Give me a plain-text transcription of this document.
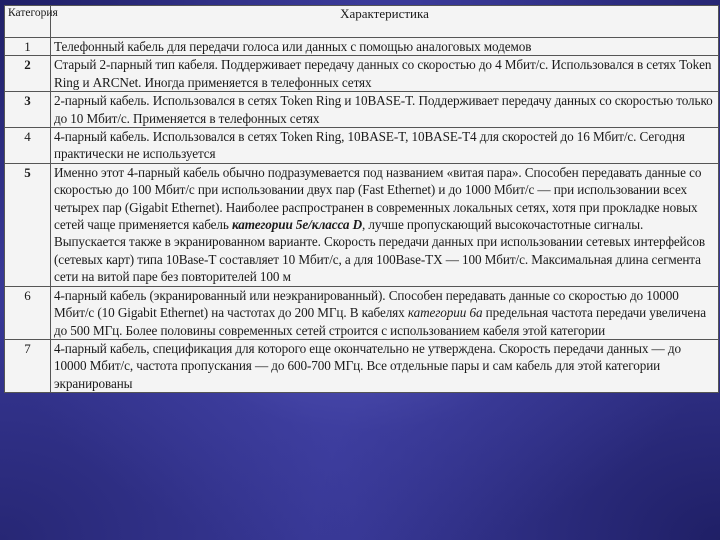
Категория	Характеристика
1	Телефонный кабель для передачи голоса или данных с помощью аналоговых модемов
2	Старый 2-парный тип кабеля. Поддерживает передачу данных со скоростью до 4 Мбит/с. Использовался в сетях Token Ring и ARCNet. Иногда применяется в телефонных сетях
3	2-парный кабель. Использовался в сетях Token Ring и 10BASE-T. Поддерживает передачу данных со скоростью только до 10 Мбит/с. Применяется в телефонных сетях
4	4-парный кабель. Использовался в сетях Token Ring, 10BASE-T, 10BASE-T4 для скоростей до 16 Мбит/с. Сегодня практически не используется
5	Именно этот 4-парный кабель обычно подразумевается под названием «витая пара». Способен передавать данные со скоростью до 100 Мбит/с при использовании двух пар (Fast Ethernet) и до 1000 Мбит/с — при использовании всех четырех пар (Gigabit Ethernet). Наиболее распространен в современных локальных сетях, хотя при прокладке новых сетей чаще применяется кабель категории 5е/класса D, лучше пропускающий высокочастотные сигналы. Выпускается также в экранированном варианте. Скорость передачи данных при использовании сетевых интерфейсов (сетевых карт) типа 10Base-T составляет 10 Мбит/с, а для 100Base-TX — 100 Мбит/с. Максимальная длина сегмента сети на витой паре без повторителей 100 м
6	4-парный кабель (экранированный или неэкранированный). Способен передавать данные со скоростью до 10000 Мбит/с (10 Gigabit Ethernet) на частотах до 200 МГц. В кабелях категории 6а предельная частота передачи увеличена до 500 МГц. Более половины современных сетей строится с использованием кабеля этой категории
7	4-парный кабель, спецификация для которого еще окончательно не утверждена. Скорость передачи данных — до 10000 Мбит/с, частота пропускания — до 600-700 МГц. Все отдельные пары и сам кабель для этой категории экранированы
